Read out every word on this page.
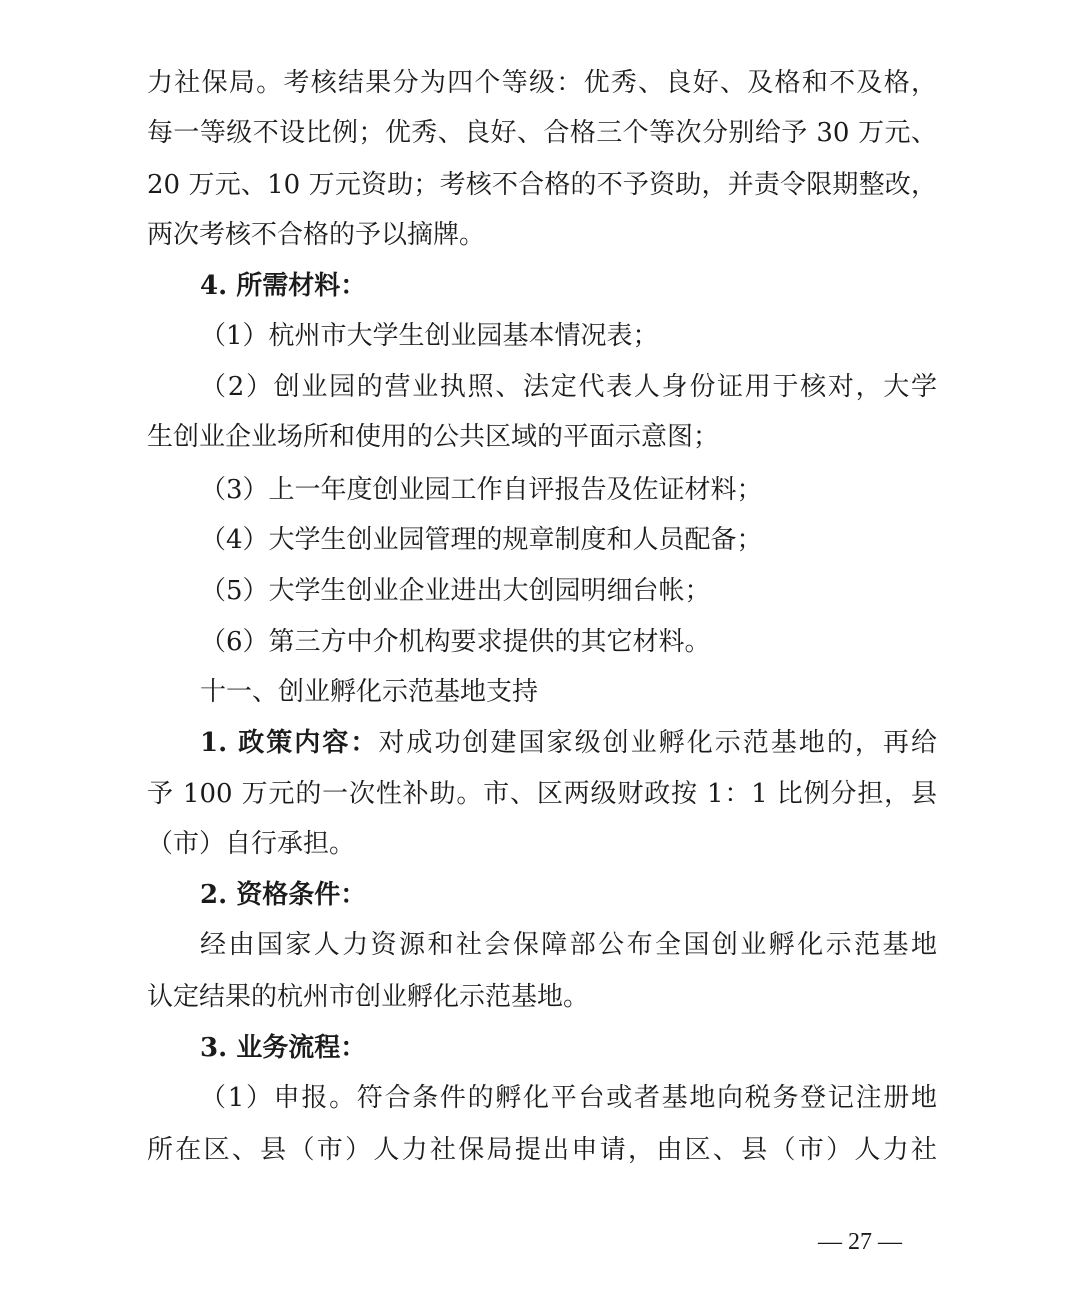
力社保局。考核结果分为四个等级：优秀、良好、及格和不及格，
每一等级不设比例；优秀、良好、合格三个等次分别给予 30 万元、
20 万元、10 万元资助；考核不合格的不予资助，并责令限期整改，
两次考核不合格的予以摘牌。
4. 所需材料：
（1）杭州市大学生创业园基本情况表；
（2）创业园的营业执照、法定代表人身份证用于核对，大学
生创业企业场所和使用的公共区域的平面示意图；
（3）上一年度创业园工作自评报告及佐证材料；
（4）大学生创业园管理的规章制度和人员配备；
（5）大学生创业企业进出大创园明细台帐；
（6）第三方中介机构要求提供的其它材料。
十一、创业孵化示范基地支持
1. 政策内容：对成功创建国家级创业孵化示范基地的，再给
予 100 万元的一次性补助。市、区两级财政按 1：1 比例分担，县
（市）自行承担。
2. 资格条件：
经由国家人力资源和社会保障部公布全国创业孵化示范基地
认定结果的杭州市创业孵化示范基地。
3. 业务流程：
（1）申报。符合条件的孵化平台或者基地向税务登记注册地
所在区、县（市）人力社保局提出申请，由区、县（市）人力社
— 27 —
